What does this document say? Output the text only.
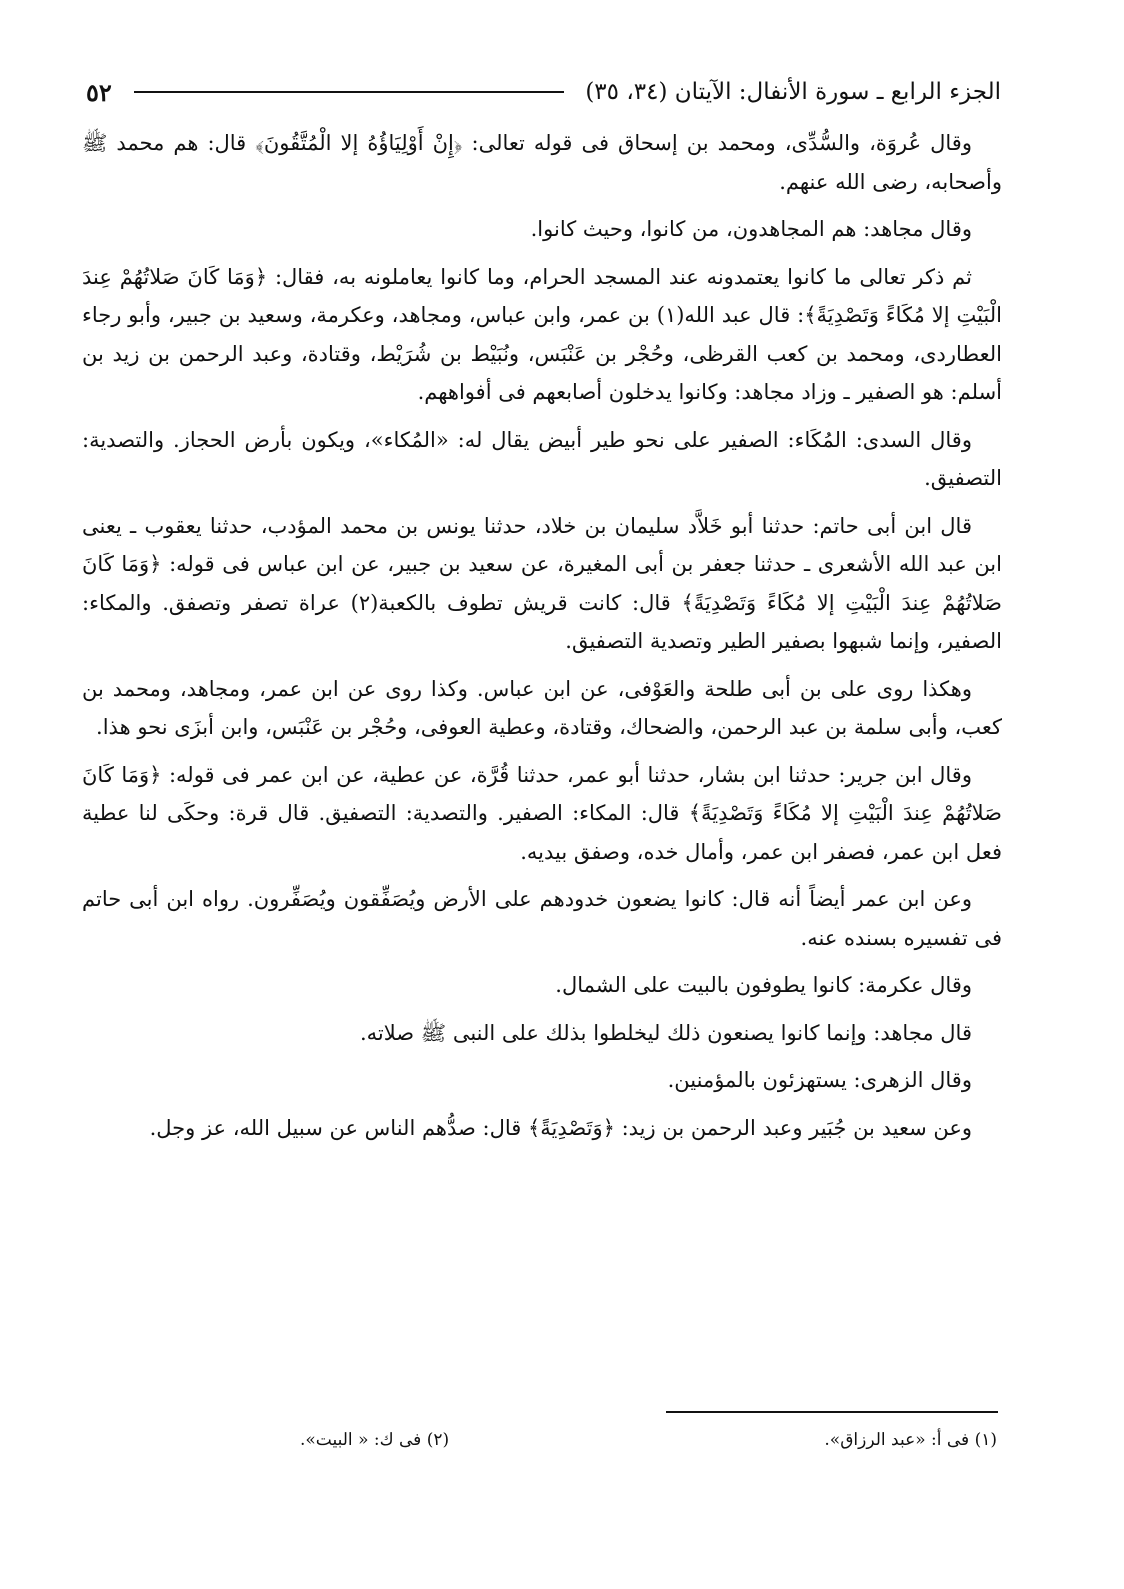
الجزء الرابع ـ سورة الأنفال: الآيتان (٣٤، ٣٥)
٥٢

وقال عُروَة، والسُّدِّى، ومحمد بن إسحاق فى قوله تعالى: ﴿إِنْ أَوْلِيَاؤُهُ إلا الْمُتَّقُونَ﴾ قال: هم محمد ﷺ وأصحابه، رضى الله عنهم.

وقال مجاهد: هم المجاهدون، من كانوا، وحيث كانوا.

ثم ذكر تعالى ما كانوا يعتمدونه عند المسجد الحرام، وما كانوا يعاملونه به، فقال: ﴿وَمَا كَانَ صَلاتُهُمْ عِندَ الْبَيْتِ إلا مُكَاءً وَتَصْدِيَةً﴾: قال عبد الله(١) بن عمر، وابن عباس، ومجاهد، وعكرمة، وسعيد بن جبير، وأبو رجاء العطاردى، ومحمد بن كعب القرظى، وحُجْر بن عَنْبَس، ونُبَيْط بن شُرَيْط، وقتادة، وعبد الرحمن بن زيد بن أسلم: هو الصفير ـ وزاد مجاهد: وكانوا يدخلون أصابعهم فى أفواههم.

وقال السدى: المُكَاء: الصفير على نحو طير أبيض يقال له: «المُكاء»، ويكون بأرض الحجاز. والتصدية: التصفيق.

قال ابن أبى حاتم: حدثنا أبو خَلاَّد سليمان بن خلاد، حدثنا يونس بن محمد المؤدب، حدثنا يعقوب ـ يعنى ابن عبد الله الأشعرى ـ حدثنا جعفر بن أبى المغيرة، عن سعيد بن جبير، عن ابن عباس فى قوله: ﴿وَمَا كَانَ صَلاتُهُمْ عِندَ الْبَيْتِ إلا مُكَاءً وَتَصْدِيَةً﴾ قال: كانت قريش تطوف بالكعبة(٢) عراة تصفر وتصفق. والمكاء: الصفير، وإنما شبهوا بصفير الطير وتصدية التصفيق.

وهكذا روى على بن أبى طلحة والعَوْفى، عن ابن عباس. وكذا روى عن ابن عمر، ومجاهد، ومحمد بن كعب، وأبى سلمة بن عبد الرحمن، والضحاك، وقتادة، وعطية العوفى، وحُجْر بن عَنْبَس، وابن أبزَى نحو هذا.

وقال ابن جرير: حدثنا ابن بشار، حدثنا أبو عمر، حدثنا قُرَّة، عن عطية، عن ابن عمر فى قوله: ﴿وَمَا كَانَ صَلاتُهُمْ عِندَ الْبَيْتِ إلا مُكَاءً وَتَصْدِيَةً﴾ قال: المكاء: الصفير. والتصدية: التصفيق. قال قرة: وحكَى لنا عطية فعل ابن عمر، فصفر ابن عمر، وأمال خده، وصفق بيديه.

وعن ابن عمر أيضاً أنه قال: كانوا يضعون خدودهم على الأرض ويُصَفِّقون ويُصَفِّرون. رواه ابن أبى حاتم فى تفسيره بسنده عنه.

وقال عكرمة: كانوا يطوفون بالبيت على الشمال.

قال مجاهد: وإنما كانوا يصنعون ذلك ليخلطوا بذلك على النبى ﷺ صلاته.

وقال الزهرى: يستهزئون بالمؤمنين.

وعن سعيد بن جُبَير وعبد الرحمن بن زيد: ﴿وَتَصْدِيَةً﴾ قال: صدُّهم الناس عن سبيل الله، عز وجل.

(١) فى أ: «عبد الرزاق».
(٢) فى ك: « البيت».
